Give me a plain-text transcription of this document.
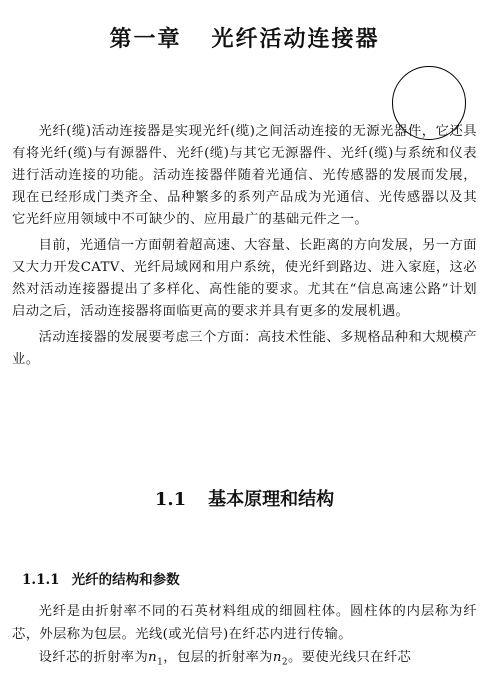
第一章 光纤活动连接器

光纤(缆)活动连接器是实现光纤(缆)之间活动连接的无源光器件，它还具有将光纤(缆)与有源器件、光纤(缆)与其它无源器件、光纤(缆)与系统和仪表进行活动连接的功能。活动连接器伴随着光通信、光传感器的发展而发展，现在已经形成门类齐全、品种繁多的系列产品成为光通信、光传感器以及其它光纤应用领域中不可缺少的、应用最广的基础元件之一。

目前，光通信一方面朝着超高速、大容量、长距离的方向发展，另一方面又大力开发CATV、光纤局域网和用户系统，使光纤到路边、进入家庭，这必然对活动连接器提出了多样化、高性能的要求。尤其在“信息高速公路”计划启动之后，活动连接器将面临更高的要求并具有更多的发展机遇。

活动连接器的发展要考虑三个方面：高技术性能、多规格品种和大规模产业。

1.1 基本原理和结构
1.1.1 光纤的结构和参数

光纤是由折射率不同的石英材料组成的细圆柱体。圆柱体的内层称为纤芯，外层称为包层。光线(或光信号)在纤芯内进行传输。

设纤芯的折射率为$n_1$，包层的折射率为$n_2$。要使光线只在纤芯
